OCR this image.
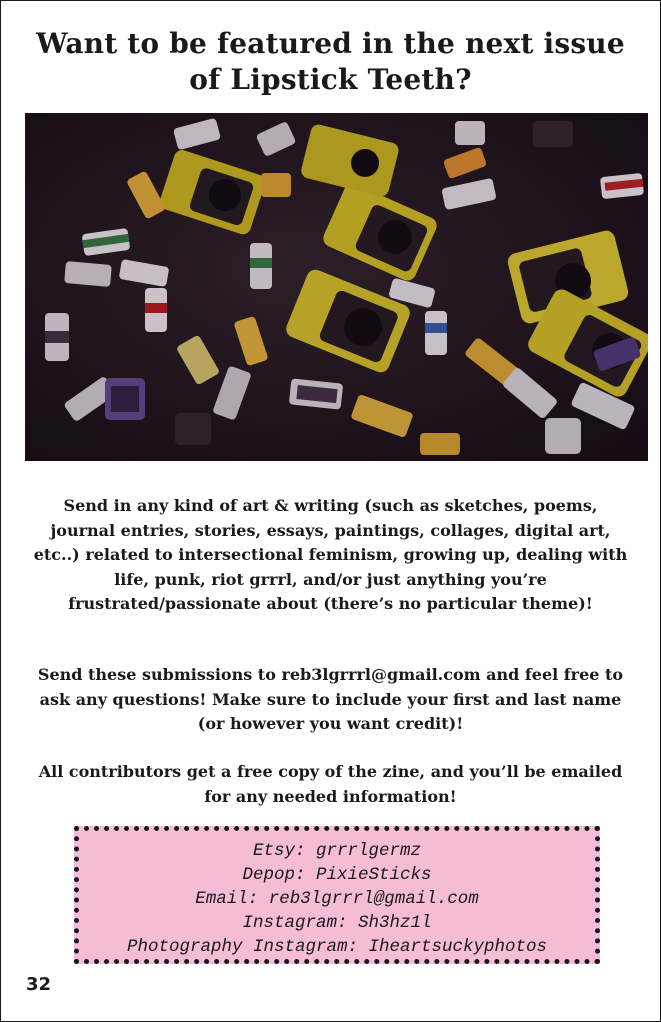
Want to be featured in the next issue
of Lipstick Teeth?

Send in any kind of art & writing (such as sketches, poems, journal entries, stories, essays, paintings, collages, digital art, etc..) related to intersectional feminism, growing up, dealing with life, punk, riot grrrl, and/or just anything you’re frustrated/passionate about (there’s no particular theme)!

Send these submissions to reb3lgrrrl@gmail.com and feel free to ask any questions! Make sure to include your first and last name (or however you want credit)!

All contributors get a free copy of the zine, and you’ll be emailed for any needed information!

Etsy: grrrlgermz
Depop: PixieSticks
Email: reb3lgrrrl@gmail.com
Instagram: Sh3hz1l
Photography Instagram: Iheartsuckyphotos
32
